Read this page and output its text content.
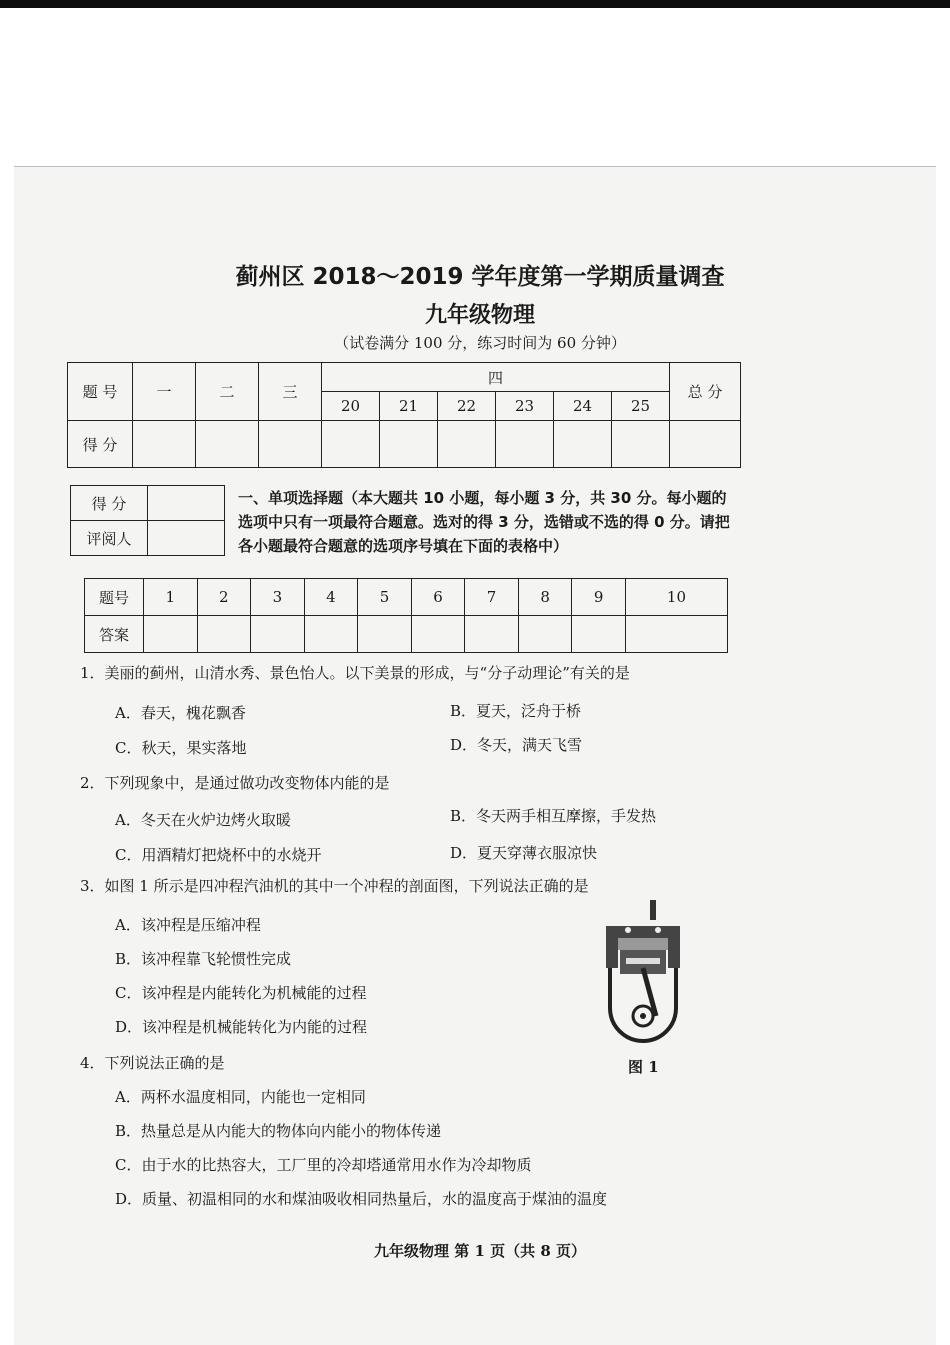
蓟州区 2018～2019 学年度第一学期质量调查
九年级物理
（试卷满分 100 分，练习时间为 60 分钟）
题 号	一	二	三	四						总 分
				20	21	22	23	24	25	
得 分										
得 分	
评阅人	
一、单项选择题（本大题共 10 小题，每小题 3 分，共 30 分。每小题的选项中只有一项最符合题意。选对的得 3 分，选错或不选的得 0 分。请把各小题最符合题意的选项序号填在下面的表格中）
题号	1	2	3	4	5	6	7	8	9	10
答案										
1．美丽的蓟州，山清水秀、景色怡人。以下美景的形成，与“分子动理论”有关的是
A．春天，槐花飘香	B．夏天，泛舟于桥
C．秋天，果实落地	D．冬天，满天飞雪
2．下列现象中，是通过做功改变物体内能的是
A．冬天在火炉边烤火取暖	B．冬天两手相互摩擦，手发热
C．用酒精灯把烧杯中的水烧开	D．夏天穿薄衣服凉快
3．如图 1 所示是四冲程汽油机的其中一个冲程的剖面图，下列说法正确的是
A．该冲程是压缩冲程
B．该冲程靠飞轮惯性完成
C．该冲程是内能转化为机械能的过程
D．该冲程是机械能转化为内能的过程
图 1
4．下列说法正确的是
A．两杯水温度相同，内能也一定相同
B．热量总是从内能大的物体向内能小的物体传递
C．由于水的比热容大，工厂里的冷却塔通常用水作为冷却物质
D．质量、初温相同的水和煤油吸收相同热量后，水的温度高于煤油的温度
九年级物理 第 1 页（共 8 页）
